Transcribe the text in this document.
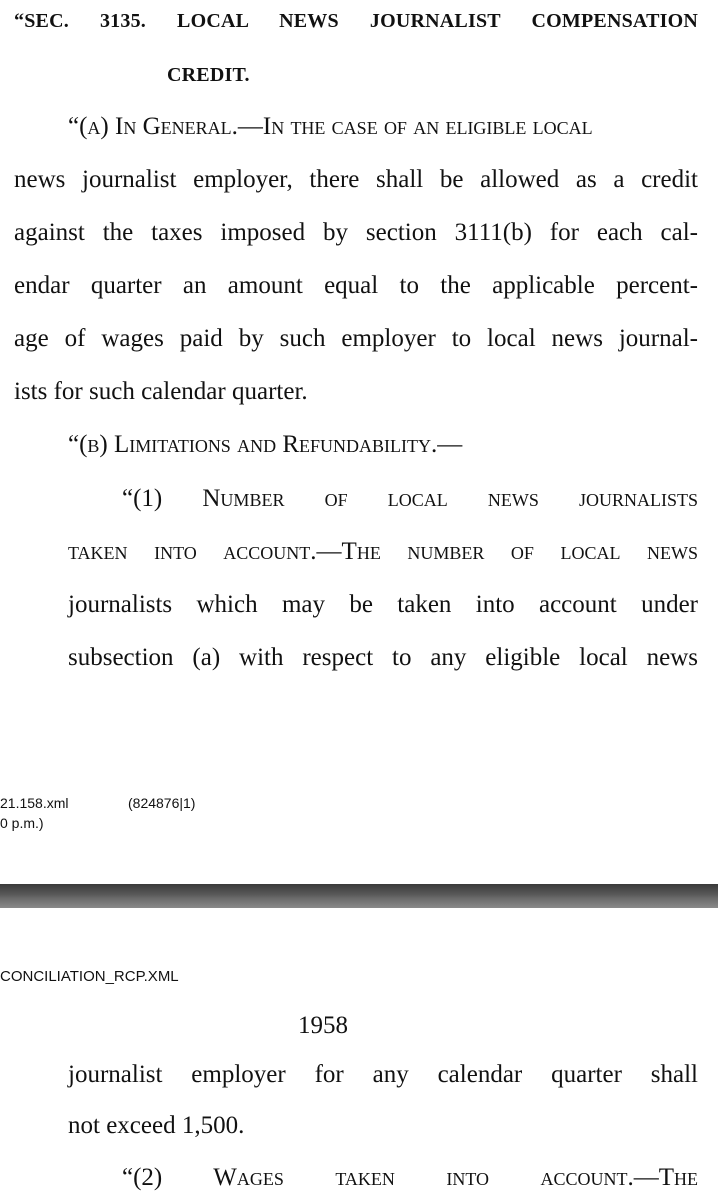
“SEC. 3135. LOCAL NEWS JOURNALIST COMPENSATION
CREDIT.
“(a) In General.—In the case of an eligible local
news journalist employer, there shall be allowed as a credit
against the taxes imposed by section 3111(b) for each cal-
endar quarter an amount equal to the applicable percent-
age of wages paid by such employer to local news journal-
ists for such calendar quarter.
“(b) Limitations and Refundability.—
“(1) Number of local news journalists
taken into account.—The number of local news
journalists which may be taken into account under
subsection (a) with respect to any eligible local news
21.158.xml	(824876|1)
0 p.m.)
CONCILIATION_RCP.XML
1958
journalist employer for any calendar quarter shall
not exceed 1,500.
“(2) Wages taken into account.—The
